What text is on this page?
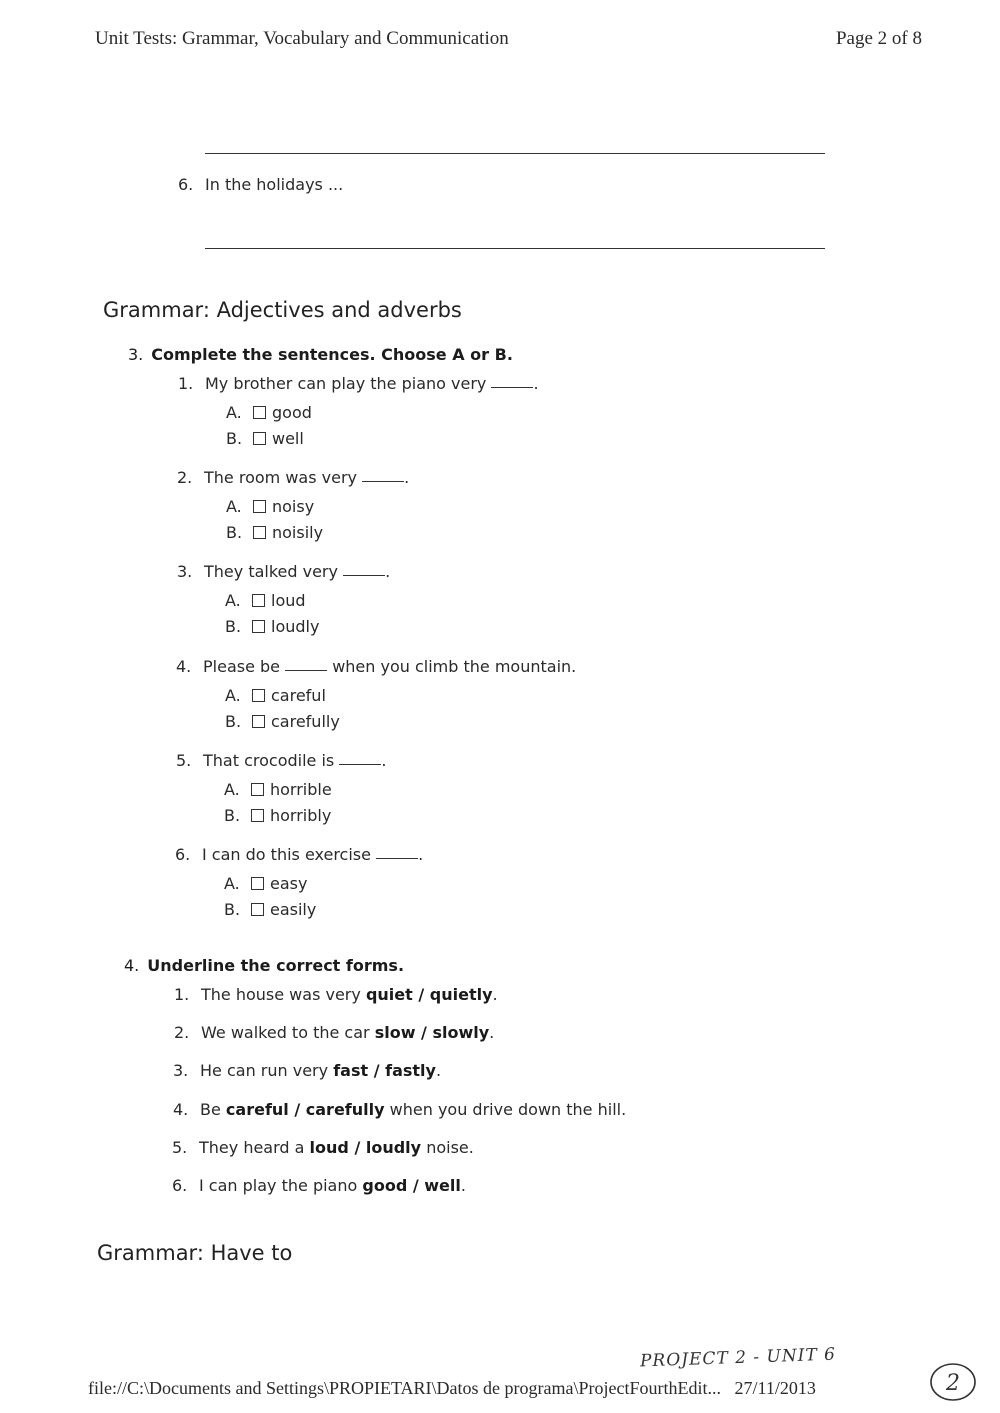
Unit Tests: Grammar, Vocabulary and Communication	Page 2 of 8
6. In the holidays ...
Grammar: Adjectives and adverbs
3. Complete the sentences. Choose A or B.
1. My brother can play the piano very	.
A. good
B. well
2. The room was very	.
A. noisy
B. noisily
3. They talked very	.
A. loud
B. loudly
4. Please be	when you climb the mountain.
A. careful
B. carefully
5. That crocodile is	.
A. horrible
B. horribly
6. I can do this exercise	.
A. easy
B. easily
4. Underline the correct forms.
1. The house was very quiet / quietly.
2. We walked to the car slow / slowly.
3. He can run very fast / fastly.
4. Be careful / carefully when you drive down the hill.
5. They heard a loud / loudly noise.
6. I can play the piano good / well.
Grammar: Have to
PROJECT 2 - UNIT 6
file://C:\Documents and Settings\PROPIETARI\Datos de programa\ProjectFourthEdit... 27/11/2013	2
